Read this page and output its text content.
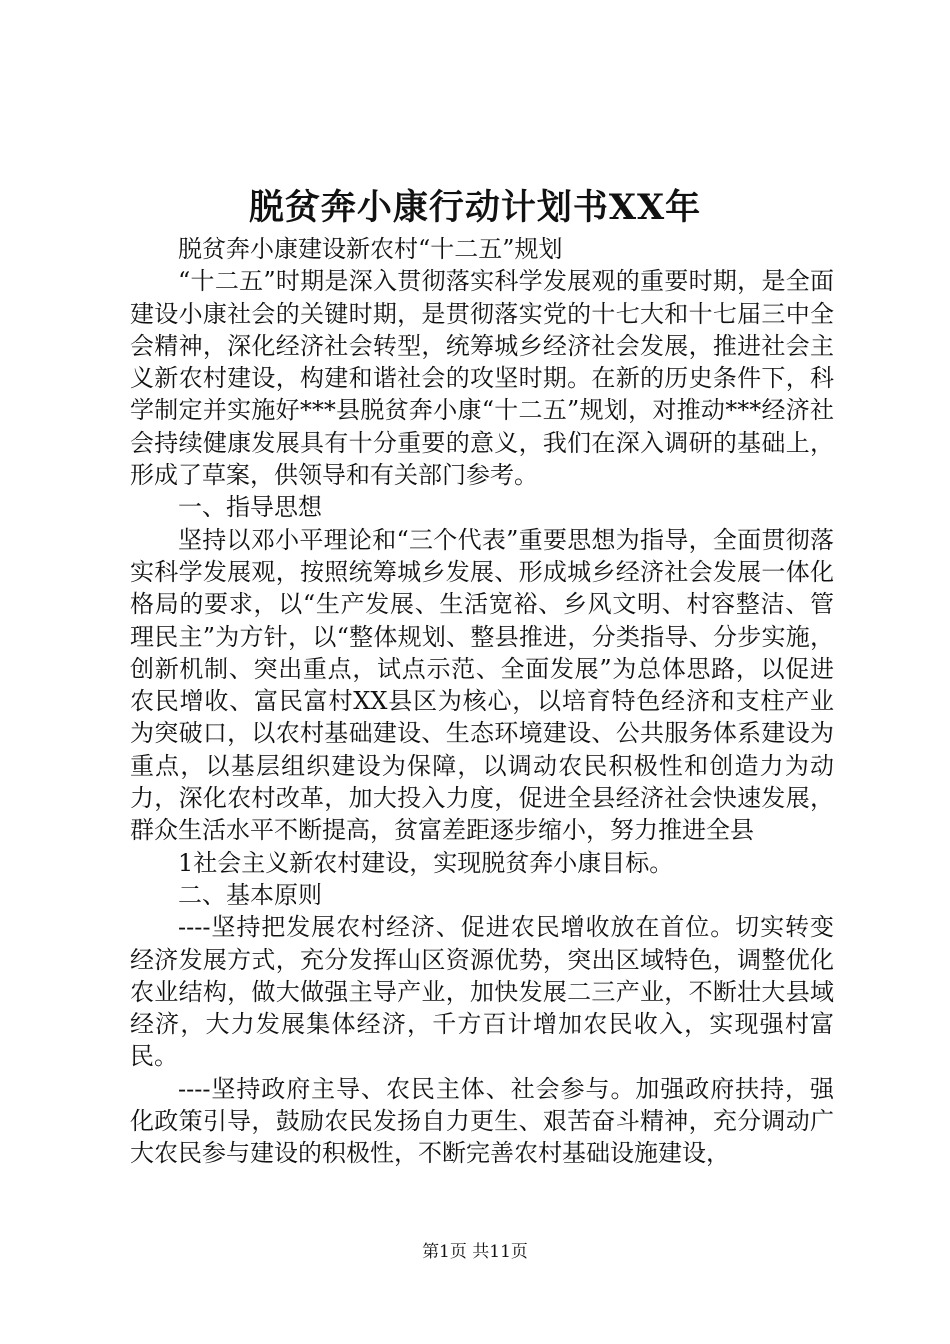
脱贫奔小康行动计划书XX年

脱贫奔小康建设新农村“十二五”规划

“十二五”时期是深入贯彻落实科学发展观的重要时期，是全面建设小康社会的关键时期，是贯彻落实党的十七大和十七届三中全会精神，深化经济社会转型，统筹城乡经济社会发展，推进社会主义新农村建设，构建和谐社会的攻坚时期。在新的历史条件下，科学制定并实施好***县脱贫奔小康“十二五”规划，对推动***经济社会持续健康发展具有十分重要的意义，我们在深入调研的基础上，形成了草案，供领导和有关部门参考。

一、指导思想

坚持以邓小平理论和“三个代表”重要思想为指导，全面贯彻落实科学发展观，按照统筹城乡发展、形成城乡经济社会发展一体化格局的要求，以“生产发展、生活宽裕、乡风文明、村容整洁、管理民主”为方针，以“整体规划、整县推进，分类指导、分步实施，创新机制、突出重点，试点示范、全面发展”为总体思路，以促进农民增收、富民富村XX县区为核心，以培育特色经济和支柱产业为突破口，以农村基础建设、生态环境建设、公共服务体系建设为重点，以基层组织建设为保障，以调动农民积极性和创造力为动力，深化农村改革，加大投入力度，促进全县经济社会快速发展，群众生活水平不断提高，贫富差距逐步缩小，努力推进全县

1社会主义新农村建设，实现脱贫奔小康目标。

二、基本原则

----坚持把发展农村经济、促进农民增收放在首位。切实转变经济发展方式，充分发挥山区资源优势，突出区域特色，调整优化农业结构，做大做强主导产业，加快发展二三产业，不断壮大县域经济，大力发展集体经济，千方百计增加农民收入，实现强村富民。

----坚持政府主导、农民主体、社会参与。加强政府扶持，强化政策引导，鼓励农民发扬自力更生、艰苦奋斗精神，充分调动广大农民参与建设的积极性，不断完善农村基础设施建设，

第1页 共11页
